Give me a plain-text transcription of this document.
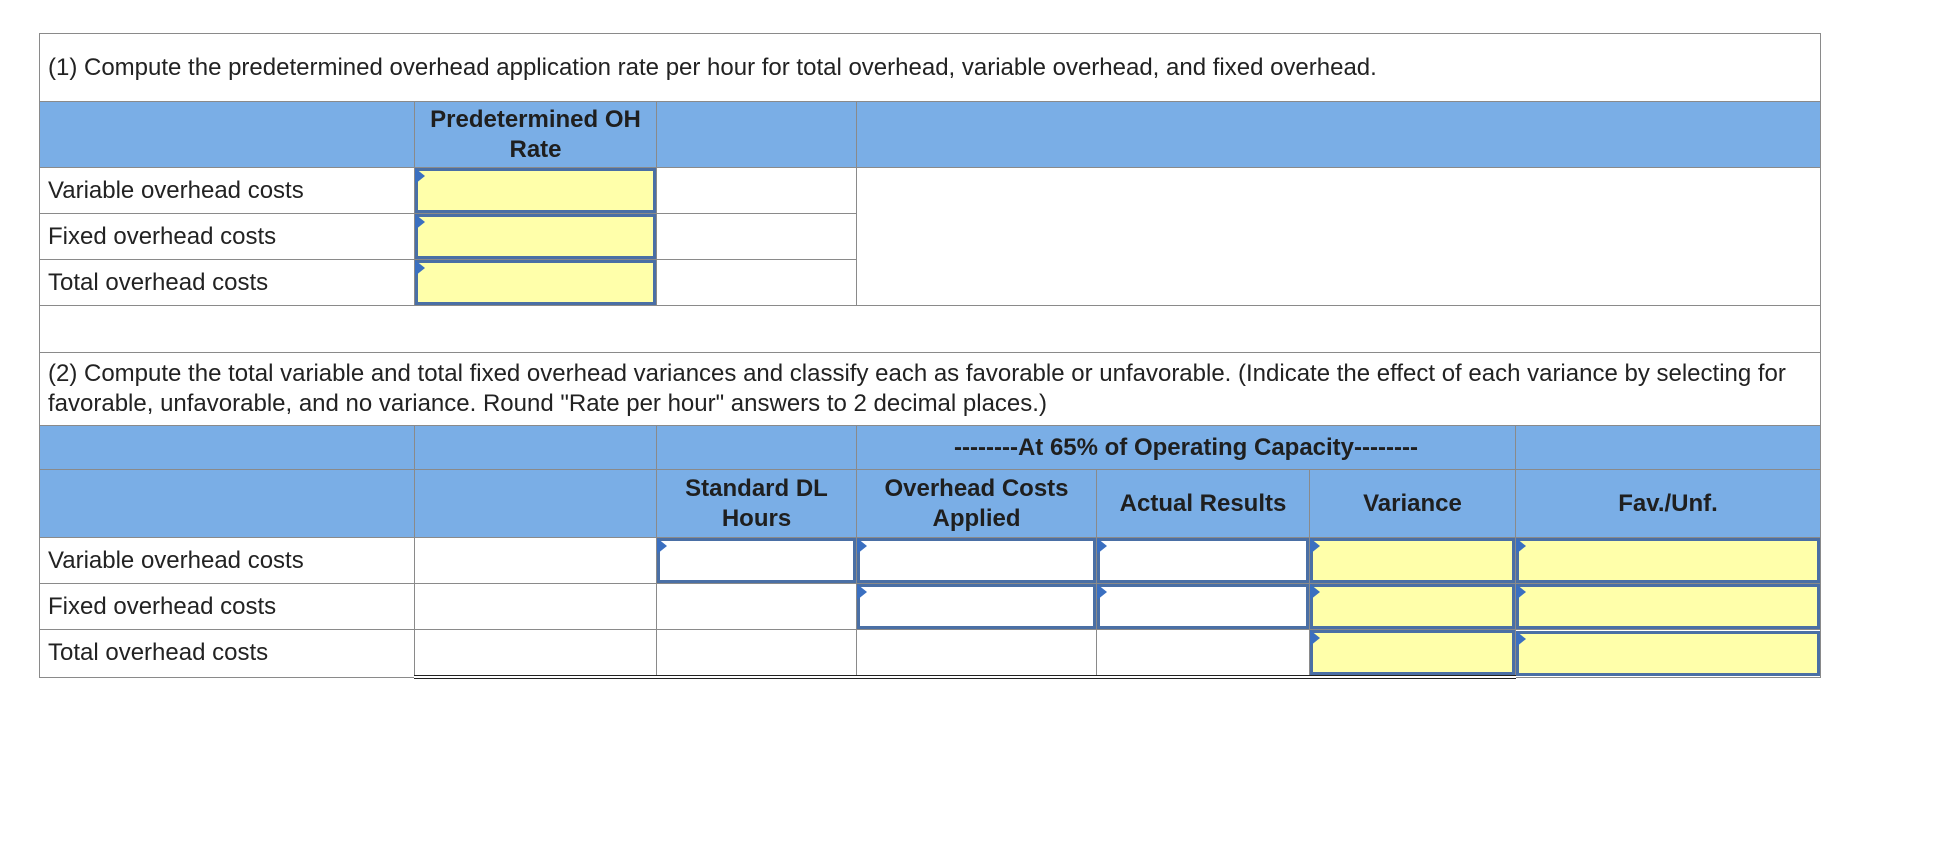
(1) Compute the predetermined overhead application rate per hour for total overhead, variable overhead, and fixed overhead.						
	Predetermined OH Rate					
Variable overhead costs				

Fixed overhead costs					

Total overhead costs					

(2) Compute the total variable and total fixed overhead variances and classify each as favorable or unfavorable. (Indicate the effect of each variance by selecting for favorable, unfavorable, and no variance. Round "Rate per hour" answers to 2 decimal places.)						
			--------At 65% of Operating Capacity--------			
		Standard DL Hours	Overhead Costs Applied	Actual Results	Variance	Fav./Unf.
Variable overhead costs		

Fixed overhead costs			

Total overhead costs					
